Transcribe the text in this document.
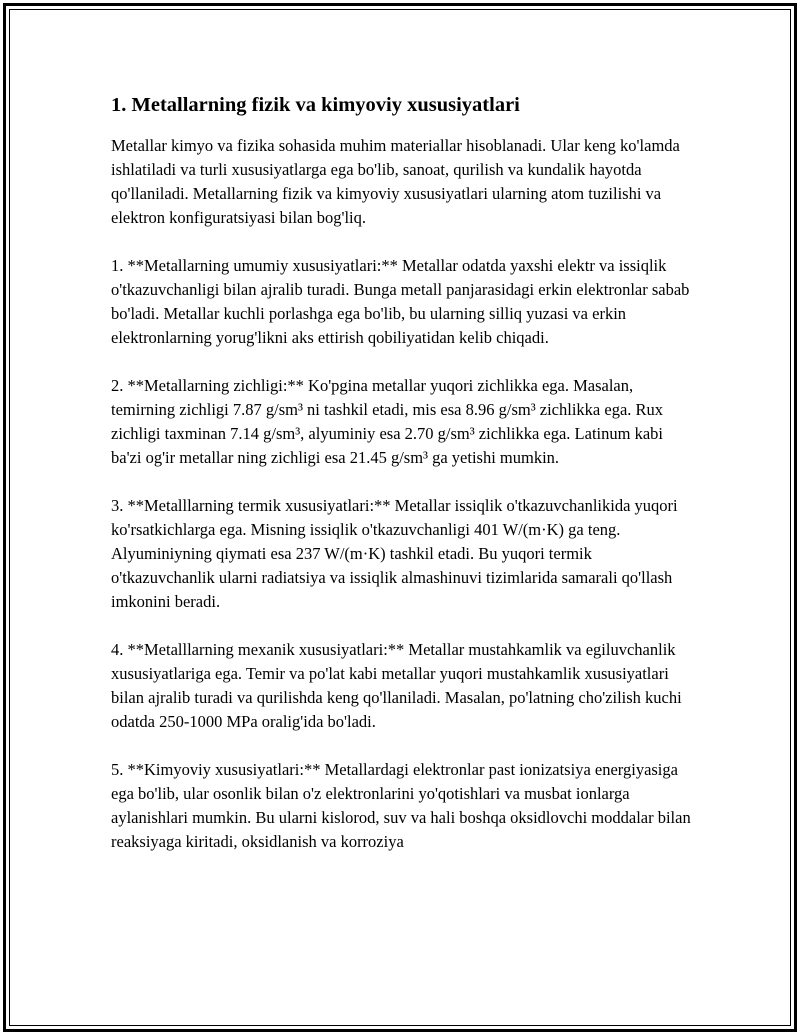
1. Metallarning fizik va kimyoviy xususiyatlari

Metallar kimyo va fizika sohasida muhim materiallar hisoblanadi. Ular keng ko'lamda ishlatiladi va turli xususiyatlarga ega bo'lib, sanoat, qurilish va kundalik hayotda qo'llaniladi. Metallarning fizik va kimyoviy xususiyatlari ularning atom tuzilishi va elektron konfiguratsiyasi bilan bog'liq.

1. **Metallarning umumiy xususiyatlari:** Metallar odatda yaxshi elektr va issiqlik o'tkazuvchanligi bilan ajralib turadi. Bunga metall panjarasidagi erkin elektronlar sabab bo'ladi. Metallar kuchli porlashga ega bo'lib, bu ularning silliq yuzasi va erkin elektronlarning yorug'likni aks ettirish qobiliyatidan kelib chiqadi.

2. **Metallarning zichligi:** Ko'pgina metallar yuqori zichlikka ega. Masalan, temirning zichligi 7.87 g/sm³ ni tashkil etadi, mis esa 8.96 g/sm³ zichlikka ega. Rux zichligi taxminan 7.14 g/sm³, alyuminiy esa 2.70 g/sm³ zichlikka ega. Latinum kabi ba'zi og'ir metallar ning zichligi esa 21.45 g/sm³ ga yetishi mumkin.

3. **Metalllarning termik xususiyatlari:** Metallar issiqlik o'tkazuvchanlikida yuqori ko'rsatkichlarga ega. Misning issiqlik o'tkazuvchanligi 401 W/(m·K) ga teng. Alyuminiyning qiymati esa 237 W/(m·K) tashkil etadi. Bu yuqori termik o'tkazuvchanlik ularni radiatsiya va issiqlik almashinuvi tizimlarida samarali qo'llash imkonini beradi.

4. **Metalllarning mexanik xususiyatlari:** Metallar mustahkamlik va egiluvchanlik xususiyatlariga ega. Temir va po'lat kabi metallar yuqori mustahkamlik xususiyatlari bilan ajralib turadi va qurilishda keng qo'llaniladi. Masalan, po'latning cho'zilish kuchi odatda 250-1000 MPa oralig'ida bo'ladi.

5. **Kimyoviy xususiyatlari:** Metallardagi elektronlar past ionizatsiya energiyasiga ega bo'lib, ular osonlik bilan o'z elektronlarini yo'qotishlari va musbat ionlarga aylanishlari mumkin. Bu ularni kislorod, suv va hali boshqa oksidlovchi moddalar bilan reaksiyaga kiritadi, oksidlanish va korroziya
